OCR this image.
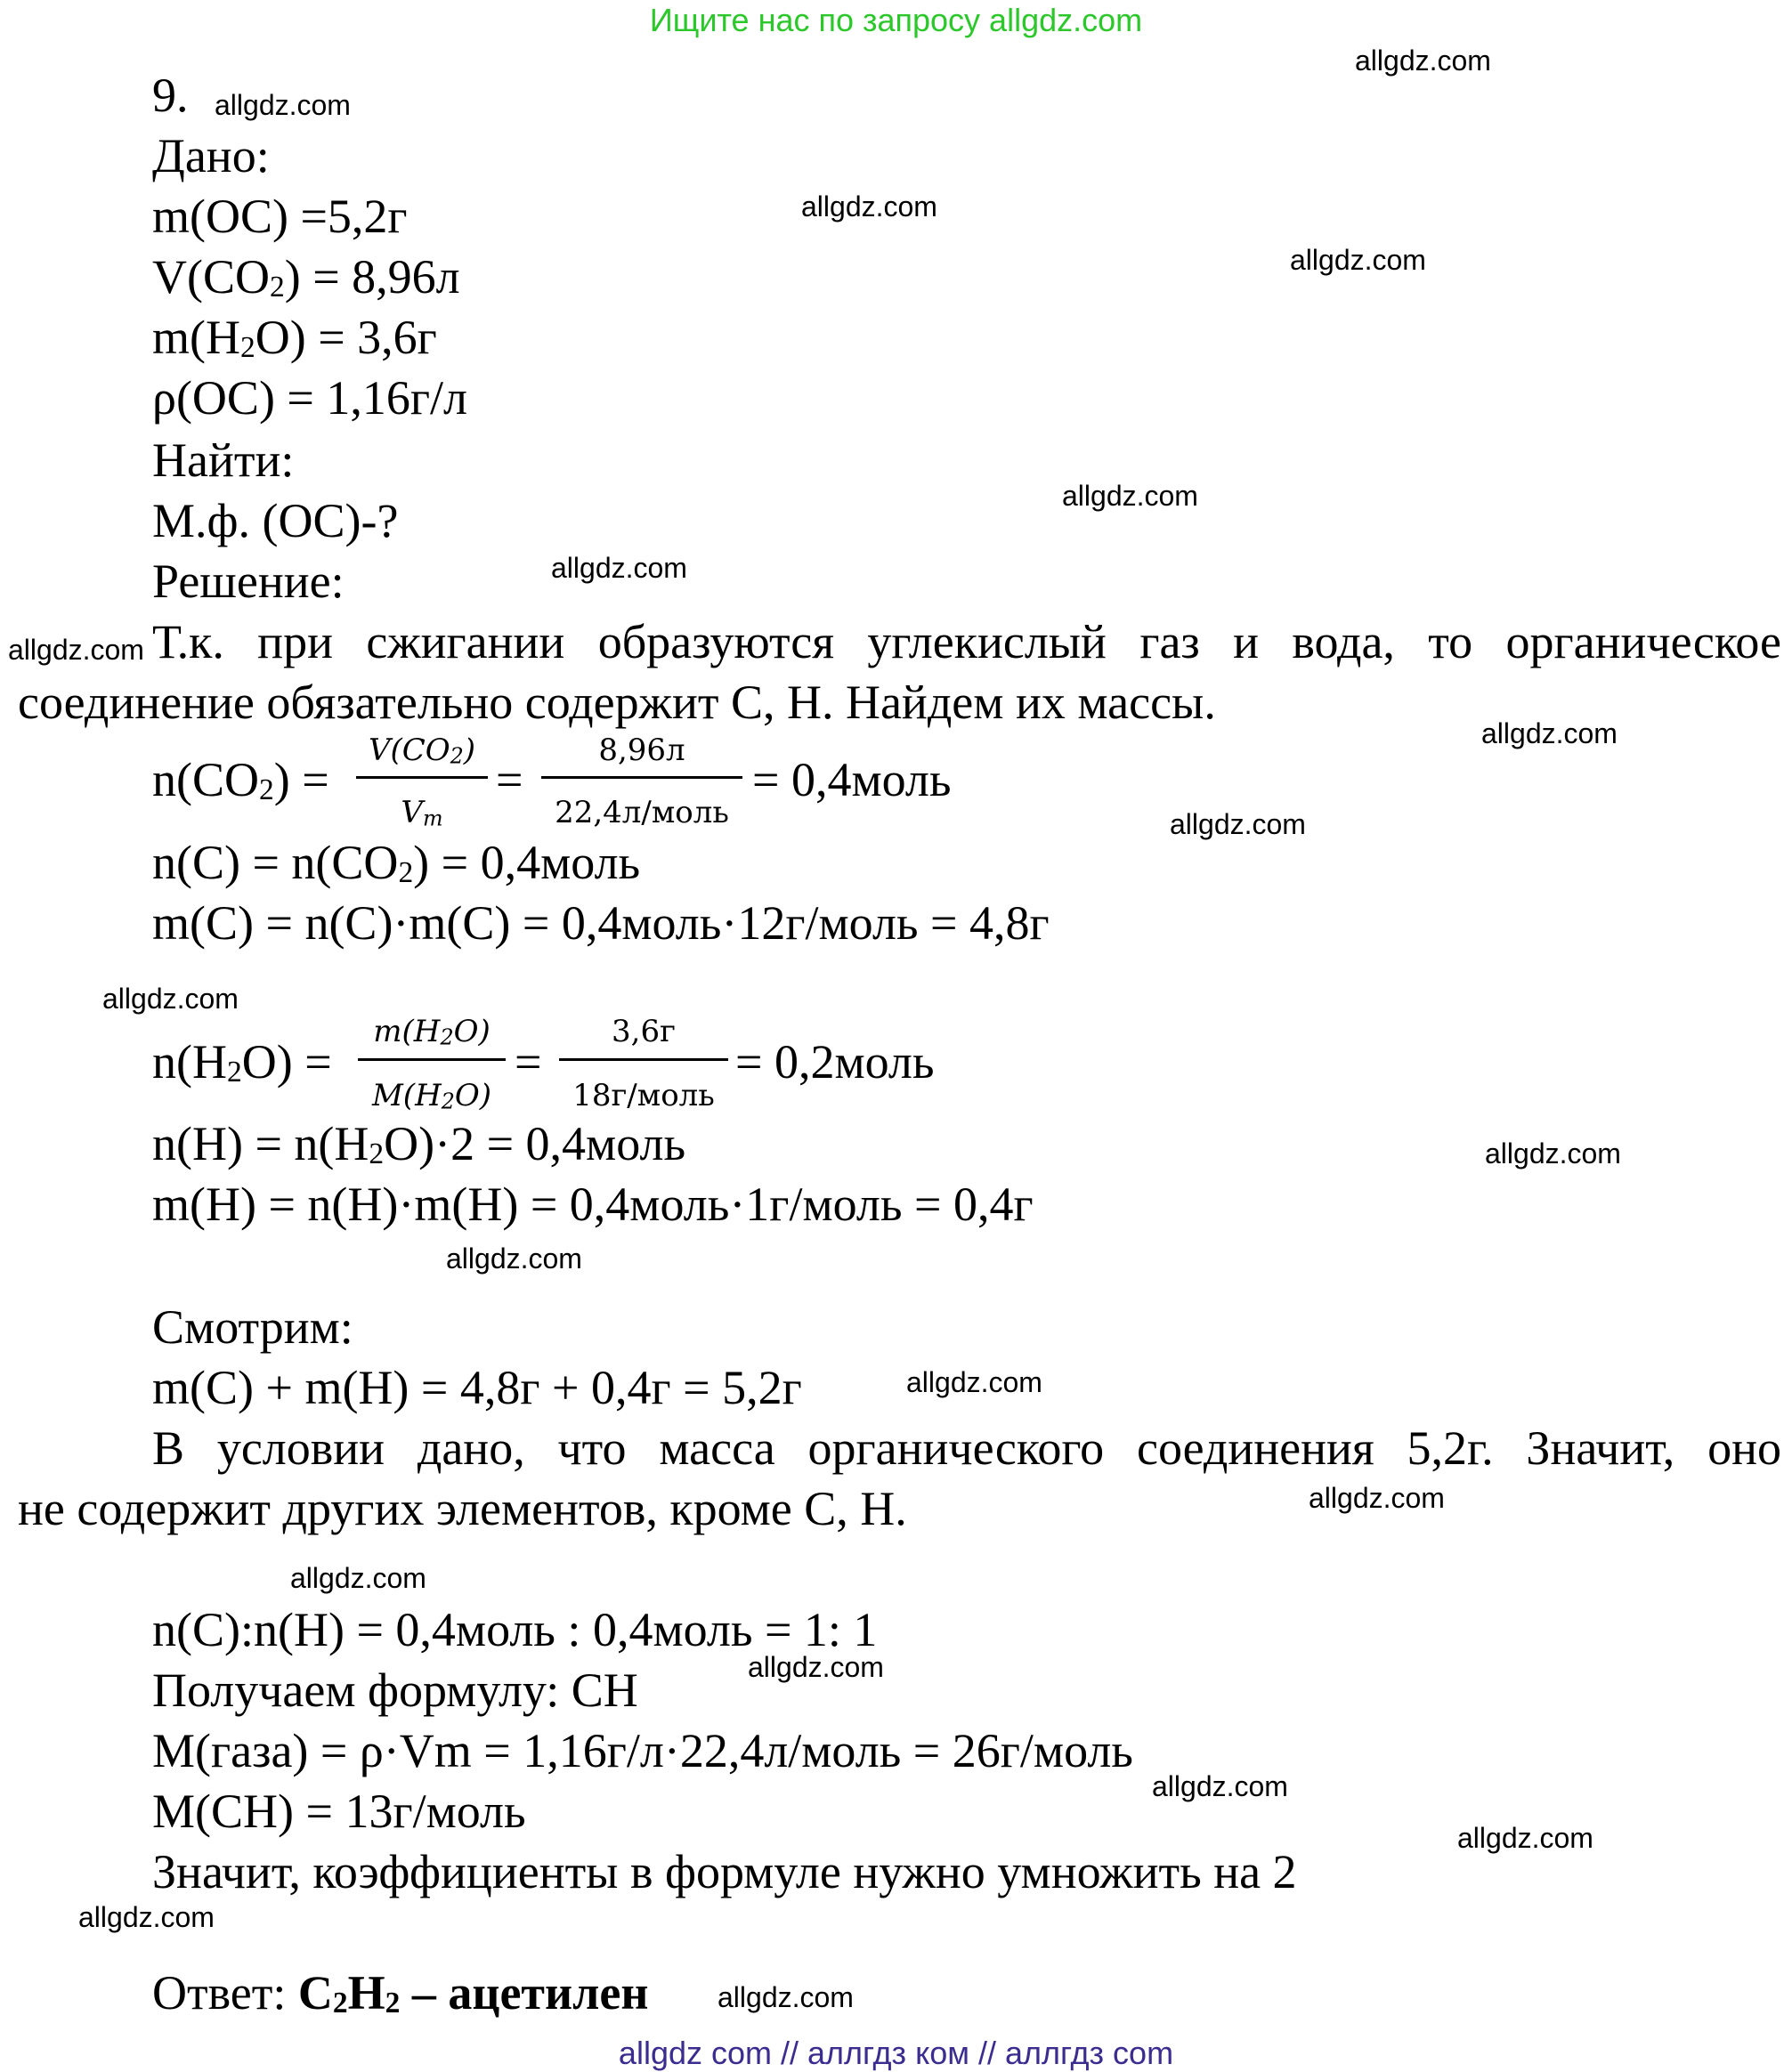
Ищите нас по запросу allgdz.com
allgdz.com
allgdz.com
allgdz.com
allgdz.com
allgdz.com
allgdz.com
allgdz.com
allgdz.com
allgdz.com
allgdz.com
allgdz.com
allgdz.com
allgdz.com
allgdz.com
allgdz.com
allgdz.com
allgdz.com
allgdz.com
allgdz.com
allgdz.com
9.
Дано:
m(OC) =5,2г
$V(CO_2) = 8,96л$
$m(H_2O) = 3,6г$
ρ(OC) = 1,16г/л
Найти:
М.ф. (OC)-?
Решение:
Т.к. при сжигании образуются углекислый газ и вода, то органическое
соединение обязательно содержит С, Н. Найдем их массы.
$n(CO_2)$ =
$V(CO_2)$
$V_m$
=
8,96л
22,4л/моль
= 0,4моль
$n(C) = n(CO_2)$ = 0,4моль
m(C) = n(C)·m(C) = 0,4моль·12г/моль = 4,8г
$n(H_2O)$ =
$m(H_2O)$
$M(H_2O)$
=
3,6г
18г/моль
= 0,2моль
$n(H) = n(H_2O)\cdot 2$ = 0,4моль
m(H) = n(H)·m(H) = 0,4моль·1г/моль = 0,4г
Смотрим:
m(C) + m(H) = 4,8г + 0,4г = 5,2г
В условии дано, что масса органического соединения 5,2г. Значит, оно
не содержит других элементов, кроме С, Н.
n(C):n(H) = 0,4моль : 0,4моль = 1: 1
Получаем формулу: CH
M(газа) = ρ·Vm = 1,16г/л·22,4л/моль = 26г/моль
M(CH) = 13г/моль
Значит, коэффициенты в формуле нужно умножить на 2
Ответ: $C_2H_2$ – ацетилен
allgdz com // аллгдз ком // аллгдз com
